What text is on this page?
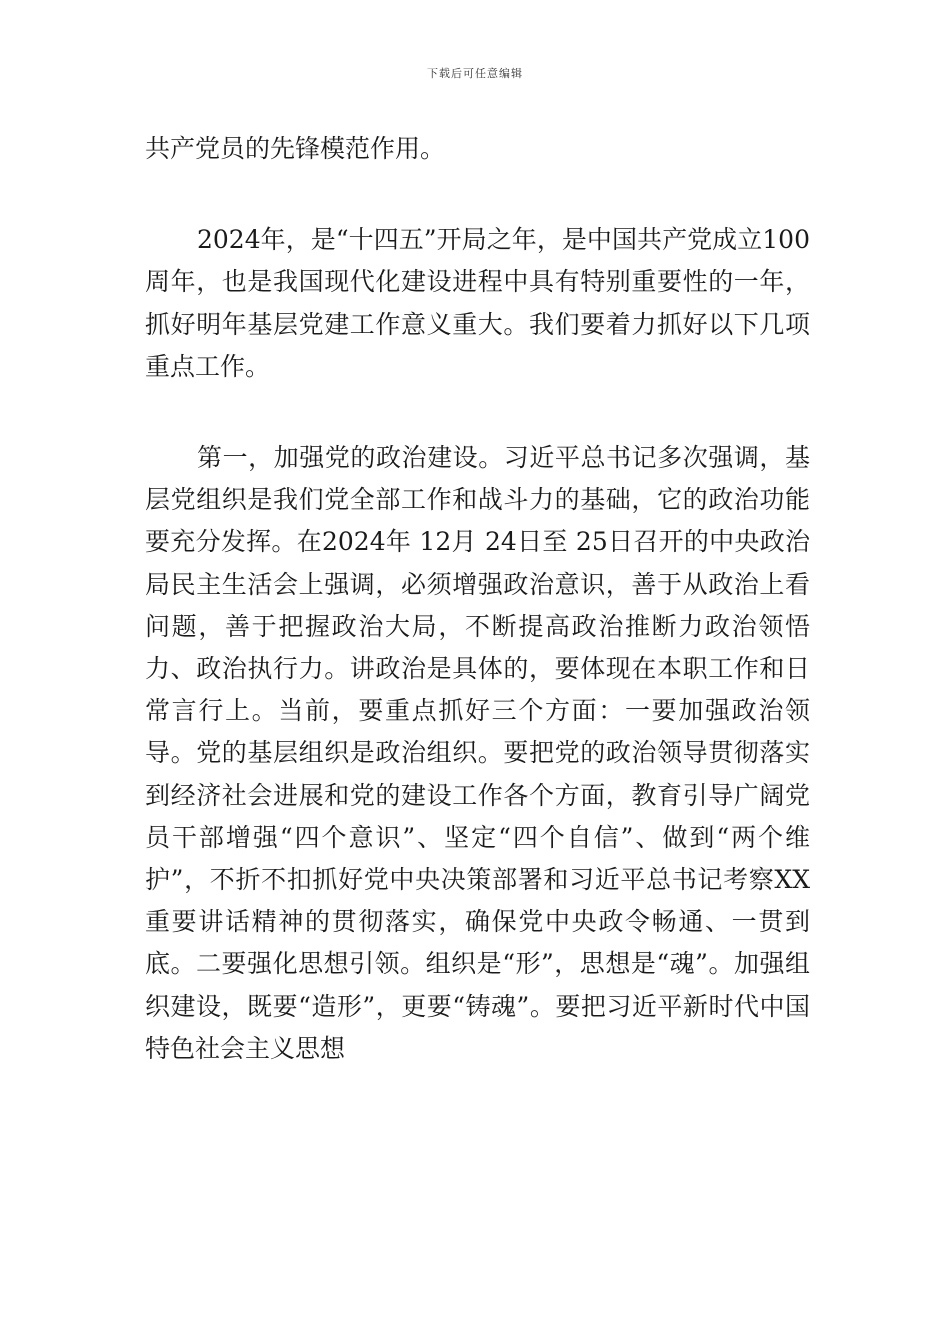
下载后可任意编辑

共产党员的先锋模范作用。

2024年，是“十四五”开局之年，是中国共产党成立100周年，也是我国现代化建设进程中具有特别重要性的一年，抓好明年基层党建工作意义重大。我们要着力抓好以下几项重点工作。

第一，加强党的政治建设。习近平总书记多次强调，基层党组织是我们党全部工作和战斗力的基础，它的政治功能要充分发挥。在2024年 12月 24日至 25日召开的中央政治局民主生活会上强调，必须增强政治意识，善于从政治上看问题，善于把握政治大局，不断提高政治推断力政治领悟力、政治执行力。讲政治是具体的，要体现在本职工作和日常言行上。当前，要重点抓好三个方面：一要加强政治领导。党的基层组织是政治组织。要把党的政治领导贯彻落实到经济社会进展和党的建设工作各个方面，教育引导广阔党员干部增强“四个意识”、坚定“四个自信”、做到“两个维护”，不折不扣抓好党中央决策部署和习近平总书记考察XX重要讲话精神的贯彻落实，确保党中央政令畅通、一贯到底。二要强化思想引领。组织是“形”，思想是“魂”。加强组织建设，既要“造形”，更要“铸魂”。要把习近平新时代中国特色社会主义思想
